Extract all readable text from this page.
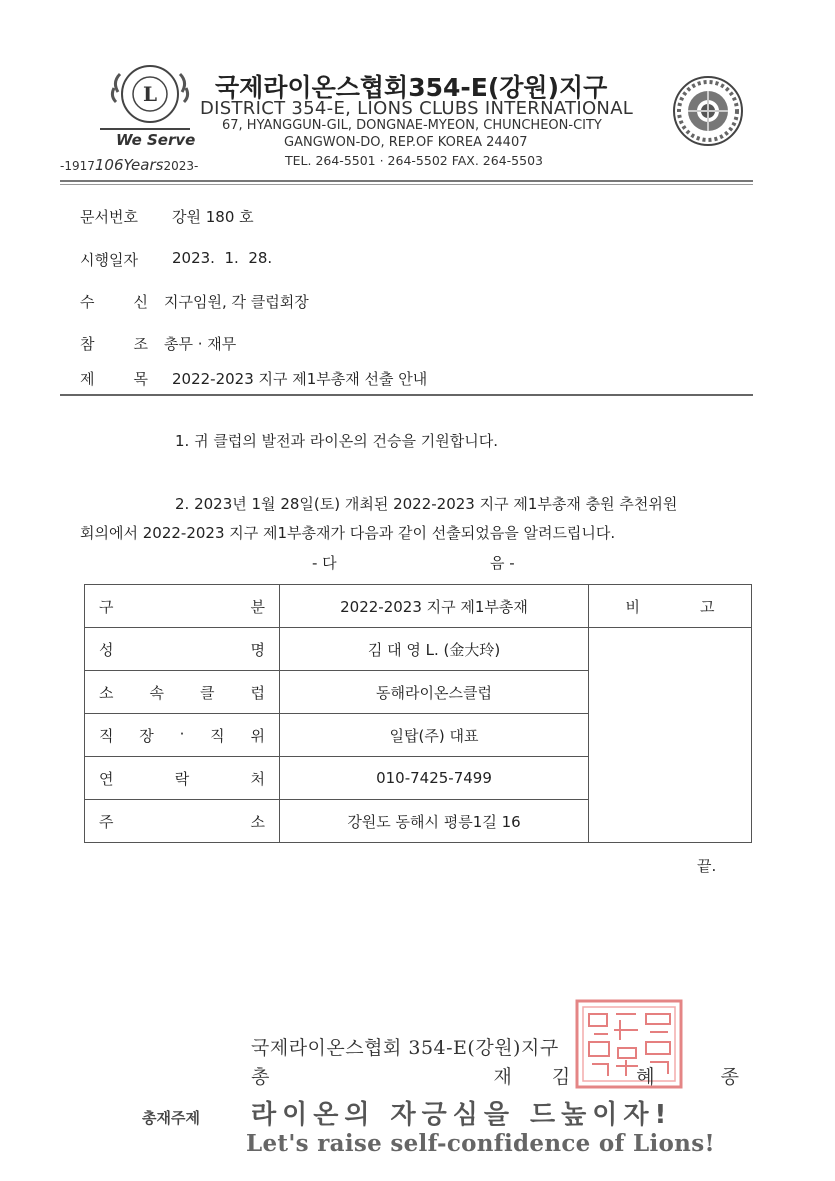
L
We Serve
-1917106Years2023-
국제라이온스협회354-E(강원)지구
DISTRICT 354-E, LIONS CLUBS INTERNATIONAL
67, HYANGGUN-GIL, DONGNAE-MYEON, CHUNCHEON-CITY
GANGWON-DO, REP.OF KOREA 24407
TEL. 264-5501 · 264-5502 FAX. 264-5503
문서번호 강원 180 호
시행일자 2023.  1.  28.
수    신 지구임원, 각 클럽회장
참    조 총무 · 재무
제    목 2022-2023 지구 제1부총재 선출 안내
1. 귀 클럽의 발전과 라이온의 건승을 기원합니다.
2. 2023년 1월 28일(토) 개최된 2022-2023 지구 제1부총재 충원 추천위원
회의에서 2022-2023 지구 제1부총재가 다음과 같이 선출되었음을 알려드립니다.
- 다	음 -
구 분	2022-2023 지구 제1부총재	비 고

성 명	김 대 영 L. (金大玲)	

소 속 클 럽	동해라이온스클럽	

직 장 · 직 위	일탑(주) 대표	

연 락 처	010-7425-7499	

주 소	강원도 동해시 평릉1길 16	
끝.
국제라이온스협회 354-E(강원)지구
총    재 김 혜 종
총재주제 라이온의 자긍심을 드높이자!
Let's raise self-confidence of Lions!
